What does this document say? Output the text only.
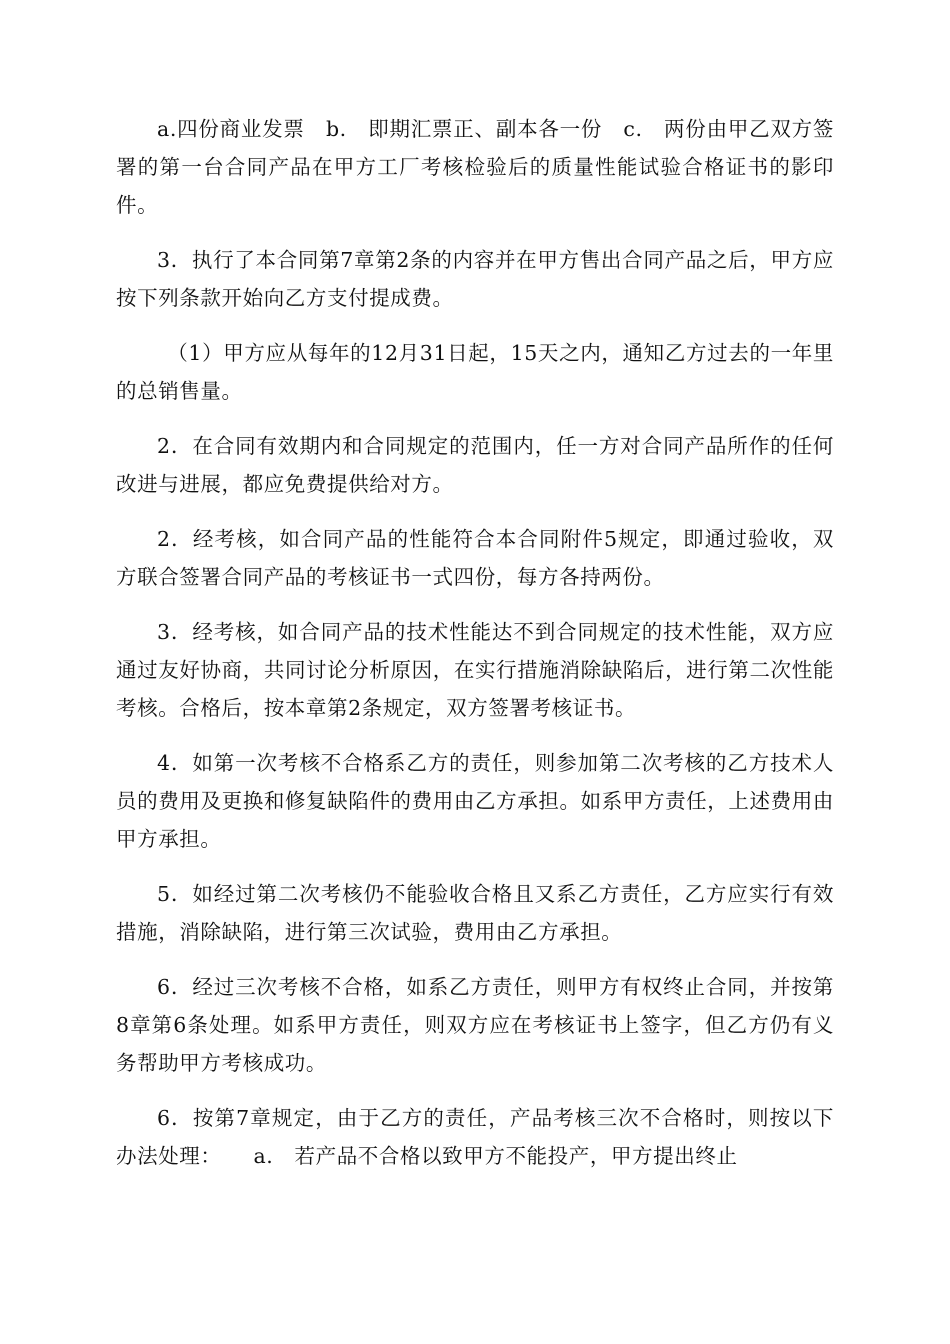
a.四份商业发票　b.　即期汇票正、副本各一份　c.　两份由甲乙双方签署的第一台合同产品在甲方工厂考核检验后的质量性能试验合格证书的影印件。

3．执行了本合同第7章第2条的内容并在甲方售出合同产品之后，甲方应按下列条款开始向乙方支付提成费。

（1）甲方应从每年的12月31日起，15天之内，通知乙方过去的一年里的总销售量。

2．在合同有效期内和合同规定的范围内，任一方对合同产品所作的任何改进与进展，都应免费提供给对方。

2．经考核，如合同产品的性能符合本合同附件5规定，即通过验收，双方联合签署合同产品的考核证书一式四份，每方各持两份。

3．经考核，如合同产品的技术性能达不到合同规定的技术性能，双方应通过友好协商，共同讨论分析原因，在实行措施消除缺陷后，进行第二次性能考核。合格后，按本章第2条规定，双方签署考核证书。

4．如第一次考核不合格系乙方的责任，则参加第二次考核的乙方技术人员的费用及更换和修复缺陷件的费用由乙方承担。如系甲方责任，上述费用由甲方承担。

5．如经过第二次考核仍不能验收合格且又系乙方责任，乙方应实行有效措施，消除缺陷，进行第三次试验，费用由乙方承担。

6．经过三次考核不合格，如系乙方责任，则甲方有权终止合同，并按第8章第6条处理。如系甲方责任，则双方应在考核证书上签字，但乙方仍有义务帮助甲方考核成功。

6．按第7章规定，由于乙方的责任，产品考核三次不合格时，则按以下办法处理：　　a.　若产品不合格以致甲方不能投产，甲方提出终止
